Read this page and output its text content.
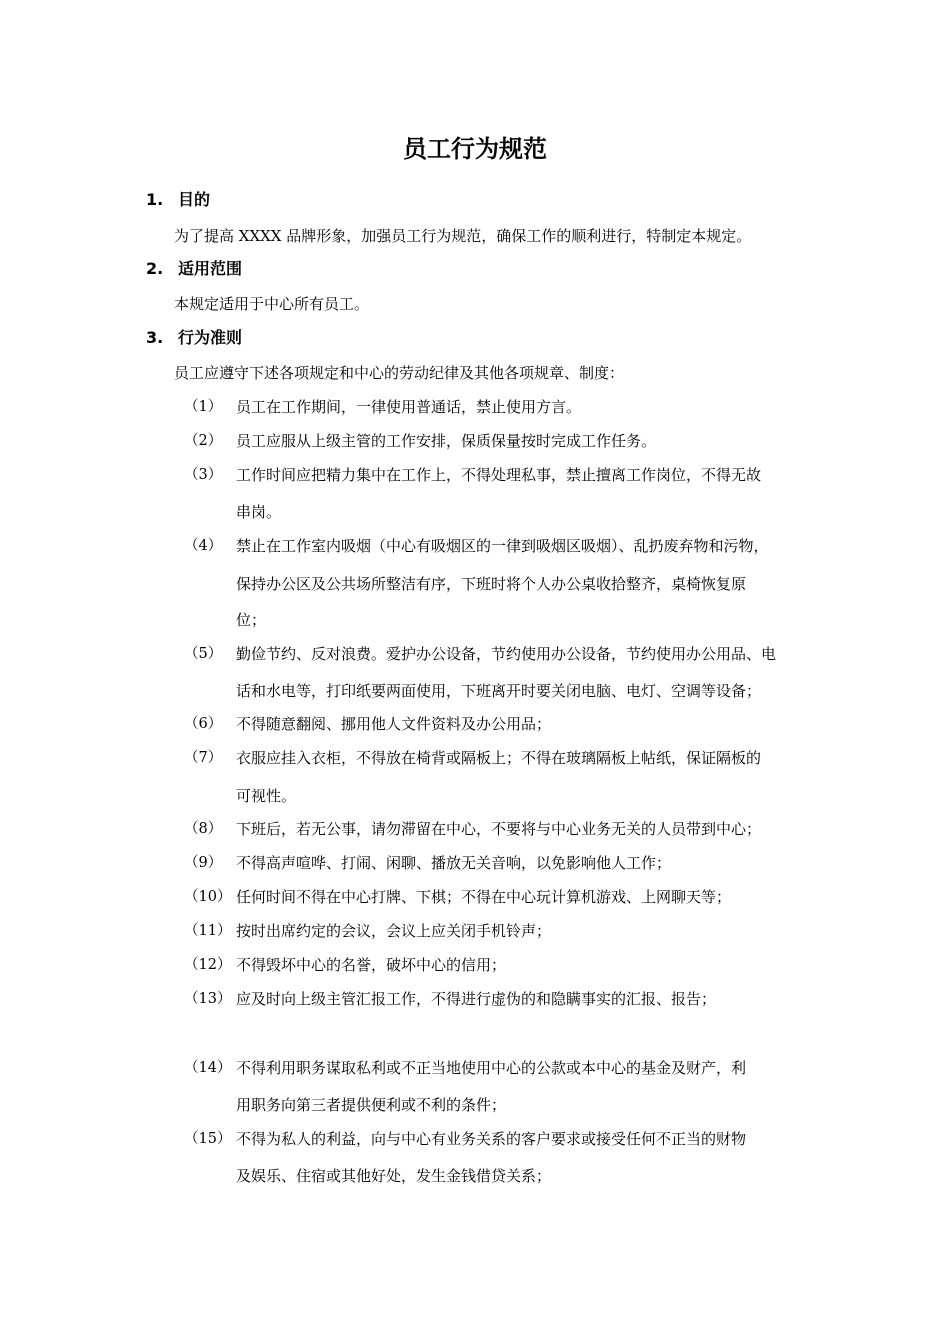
员工行为规范
1. 目的
为了提高 XXXX 品牌形象，加强员工行为规范，确保工作的顺利进行，特制定本规定。
2. 适用范围
本规定适用于中心所有员工。
3. 行为准则
员工应遵守下述各项规定和中心的劳动纪律及其他各项规章、制度：
（1） 员工在工作期间，一律使用普通话，禁止使用方言。
（2） 员工应服从上级主管的工作安排，保质保量按时完成工作任务。
（3） 工作时间应把精力集中在工作上，不得处理私事，禁止擅离工作岗位，不得无故
串岗。
（4） 禁止在工作室内吸烟（中心有吸烟区的一律到吸烟区吸烟）、乱扔废弃物和污物，
保持办公区及公共场所整洁有序，下班时将个人办公桌收拾整齐，桌椅恢复原
位；
（5） 勤俭节约、反对浪费。爱护办公设备，节约使用办公设备，节约使用办公用品、电
话和水电等，打印纸要两面使用，下班离开时要关闭电脑、电灯、空调等设备；
（6） 不得随意翻阅、挪用他人文件资料及办公用品；
（7） 衣服应挂入衣柜，不得放在椅背或隔板上；不得在玻璃隔板上帖纸，保证隔板的
可视性。
（8） 下班后，若无公事，请勿滞留在中心，不要将与中心业务无关的人员带到中心；
（9） 不得高声喧哗、打闹、闲聊、播放无关音响，以免影响他人工作；
（10） 任何时间不得在中心打牌、下棋；不得在中心玩计算机游戏、上网聊天等；
（11） 按时出席约定的会议，会议上应关闭手机铃声；
（12） 不得毁坏中心的名誉，破坏中心的信用；
（13） 应及时向上级主管汇报工作，不得进行虚伪的和隐瞒事实的汇报、报告；
（14） 不得利用职务谋取私利或不正当地使用中心的公款或本中心的基金及财产，利
用职务向第三者提供便利或不利的条件；
（15） 不得为私人的利益，向与中心有业务关系的客户要求或接受任何不正当的财物
及娱乐、住宿或其他好处，发生金钱借贷关系；
